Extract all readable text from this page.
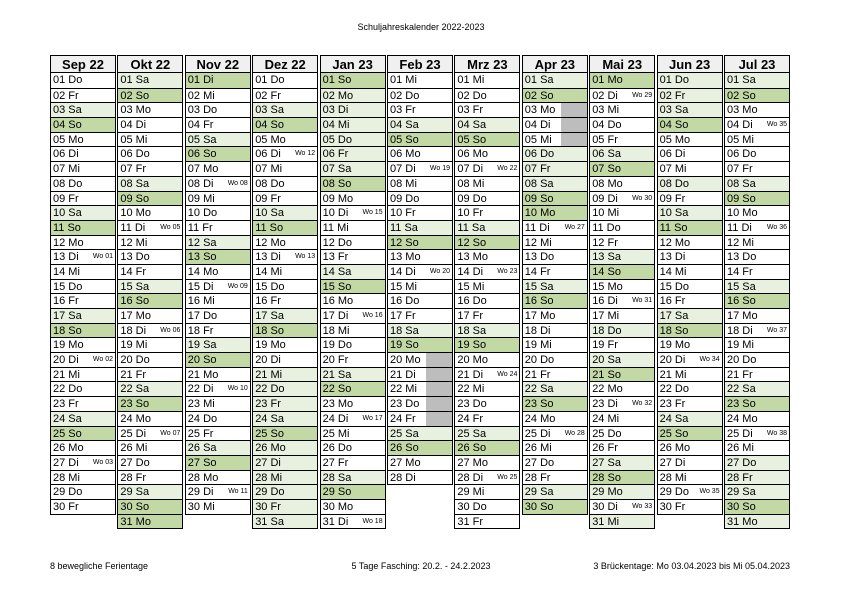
Schuljahreskalender 2022-2023
Sep 22
01 Do
02 Fr
03 Sa
04 So
05 Mo
06 Di
07 Mi
08 Do
09 Fr
10 Sa
11 So
12 Mo
13 Di Wo 01
14 Mi
15 Do
16 Fr
17 Sa
18 So
19 Mo
20 Di Wo 02
21 Mi
22 Do
23 Fr
24 Sa
25 So
26 Mo
27 Di Wo 03
28 Mi
29 Do
30 Fr
Okt 22
01 Sa
02 So
03 Mo
04 Di
05 Mi
06 Do
07 Fr
08 Sa
09 So
10 Mo
11 Di Wo 05
12 Mi
13 Do
14 Fr
15 Sa
16 So
17 Mo
18 Di Wo 06
19 Mi
20 Do
21 Fr
22 Sa
23 So
24 Mo
25 Di Wo 07
26 Mi
27 Do
28 Fr
29 Sa
30 So
31 Mo
Nov 22
01 Di
02 Mi
03 Do
04 Fr
05 Sa
06 So
07 Mo
08 Di Wo 08
09 Mi
10 Do
11 Fr
12 Sa
13 So
14 Mo
15 Di Wo 09
16 Mi
17 Do
18 Fr
19 Sa
20 So
21 Mo
22 Di Wo 10
23 Mi
24 Do
25 Fr
26 Sa
27 So
28 Mo
29 Di Wo 11
30 Mi
Dez 22
01 Do
02 Fr
03 Sa
04 So
05 Mo
06 Di Wo 12
07 Mi
08 Do
09 Fr
10 Sa
11 So
12 Mo
13 Di Wo 13
14 Mi
15 Do
16 Fr
17 Sa
18 So
19 Mo
20 Di
21 Mi
22 Do
23 Fr
24 Sa
25 So
26 Mo
27 Di
28 Mi
29 Do
30 Fr
31 Sa
Jan 23
01 So
02 Mo
03 Di
04 Mi
05 Do
06 Fr
07 Sa
08 So
09 Mo
10 Di Wo 15
11 Mi
12 Do
13 Fr
14 Sa
15 So
16 Mo
17 Di Wo 16
18 Mi
19 Do
20 Fr
21 Sa
22 So
23 Mo
24 Di Wo 17
25 Mi
26 Do
27 Fr
28 Sa
29 So
30 Mo
31 Di Wo 18
Feb 23
01 Mi
02 Do
03 Fr
04 Sa
05 So
06 Mo
07 Di Wo 19
08 Mi
09 Do
10 Fr
11 Sa
12 So
13 Mo
14 Di Wo 20
15 Mi
16 Do
17 Fr
18 Sa
19 So
20 Mo
21 Di
22 Mi
23 Do
24 Fr
25 Sa
26 So
27 Mo
28 Di
Mrz 23
01 Mi
02 Do
03 Fr
04 Sa
05 So
06 Mo
07 Di Wo 22
08 Mi
09 Do
10 Fr
11 Sa
12 So
13 Mo
14 Di Wo 23
15 Mi
16 Do
17 Fr
18 Sa
19 So
20 Mo
21 Di Wo 24
22 Mi
23 Do
24 Fr
25 Sa
26 So
27 Mo
28 Di Wo 25
29 Mi
30 Do
31 Fr
Apr 23
01 Sa
02 So
03 Mo
04 Di
05 Mi
06 Do
07 Fr
08 Sa
09 So
10 Mo
11 Di Wo 27
12 Mi
13 Do
14 Fr
15 Sa
16 So
17 Mo
18 Di
19 Mi
20 Do
21 Fr
22 Sa
23 So
24 Mo
25 Di Wo 28
26 Mi
27 Do
28 Fr
29 Sa
30 So
Mai 23
01 Mo
02 Di Wo 29
03 Mi
04 Do
05 Fr
06 Sa
07 So
08 Mo
09 Di Wo 30
10 Mi
11 Do
12 Fr
13 Sa
14 So
15 Mo
16 Di Wo 31
17 Mi
18 Do
19 Fr
20 Sa
21 So
22 Mo
23 Di Wo 32
24 Mi
25 Do
26 Fr
27 Sa
28 So
29 Mo
30 Di Wo 33
31 Mi
Jun 23
01 Do
02 Fr
03 Sa
04 So
05 Mo
06 Di
07 Mi
08 Do
09 Fr
10 Sa
11 So
12 Mo
13 Di
14 Mi
15 Do
16 Fr
17 Sa
18 So
19 Mo
20 Di Wo 34
21 Mi
22 Do
23 Fr
24 Sa
25 So
26 Mo
27 Di
28 Mi
29 Do Wo 35
30 Fr
Jul 23
01 Sa
02 So
03 Mo
04 Di Wo 35
05 Mi
06 Do
07 Fr
08 Sa
09 So
10 Mo
11 Di Wo 36
12 Mi
13 Do
14 Fr
15 Sa
16 So
17 Mo
18 Di Wo 37
19 Mi
20 Do
21 Fr
22 Sa
23 So
24 Mo
25 Di Wo 38
26 Mi
27 Do
28 Fr
29 Sa
30 So
31 Mo
8 bewegliche Ferientage	5 Tage Fasching: 20.2. - 24.2.2023	3 Brückentage: Mo 03.04.2023 bis Mi 05.04.2023
